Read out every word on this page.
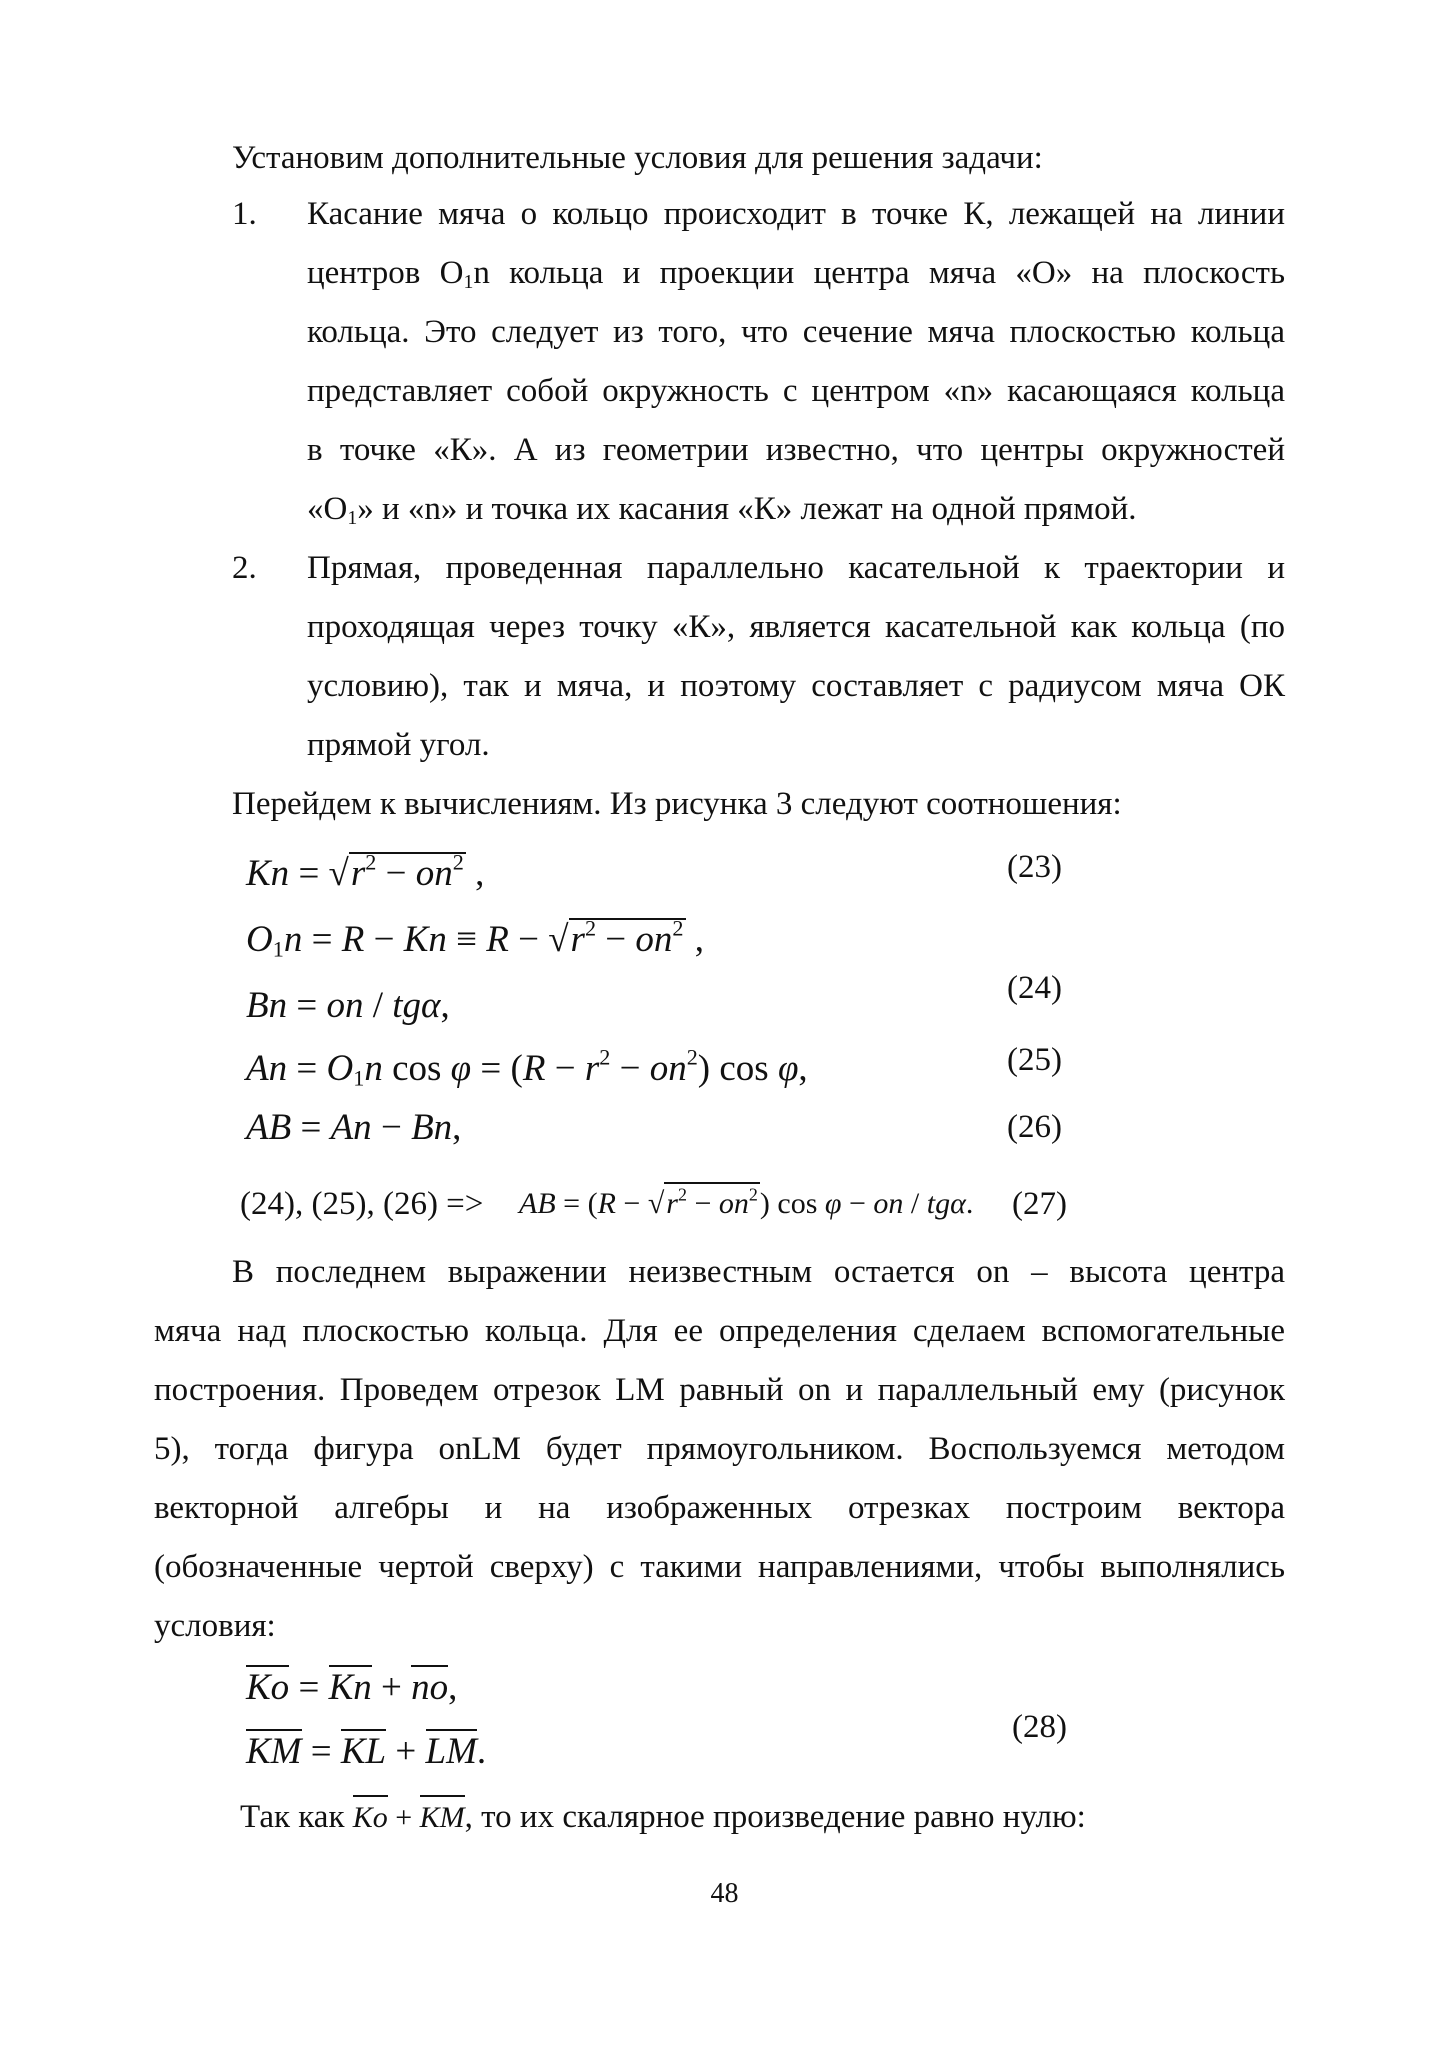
Установим дополнительные условия для решения задачи:
1. Касание мяча о кольцо происходит в точке К, лежащей на линии
центров $О_1n$ кольца и проекции центра мяча «О» на плоскость
кольца. Это следует из того, что сечение мяча плоскостью кольца
представляет собой окружность с центром «n» касающаяся кольца
в точке «К». А из геометрии известно, что центры окружностей
«$О_1$» и «n» и точка их касания «К» лежат на одной прямой.
2. Прямая, проведенная параллельно касательной к траектории и
проходящая через точку «К», является касательной как кольца (по
условию), так и мяча, и поэтому составляет с радиусом мяча ОК
прямой угол.
Перейдем к вычислениям. Из рисунка 3 следуют соотношения:
$Kn = √r^2 - on^2$ ,	(23)
$O_1n = R - Kn \equiv R - √r^2 - on^2$ ,
Bn = on / tgα,	(24)
$An = O_1n$ $\cos \varphi = (R - r^2 - on^2)$ cos φ,	(25)
AB = An − Bn,	(26)
(24), (25), (26) => AB = $(R - √r^2 - on^2)$ cos φ − on / tgα. (27)
В последнем выражении неизвестным остается on – высота центра
мяча над плоскостью кольца. Для ее определения сделаем вспомогательные
построения. Проведем отрезок LM равный on и параллельный ему (рисунок
5), тогда фигура onLM будет прямоугольником. Воспользуемся методом
векторной алгебры и на изображенных отрезках построим вектора
(обозначенные чертой сверху) с такими направлениями, чтобы выполнялись
условия:
Ko = Kn + no,
KM = KL + LM.
(28)
Так как Ko + KM, то их скалярное произведение равно нулю:
48
